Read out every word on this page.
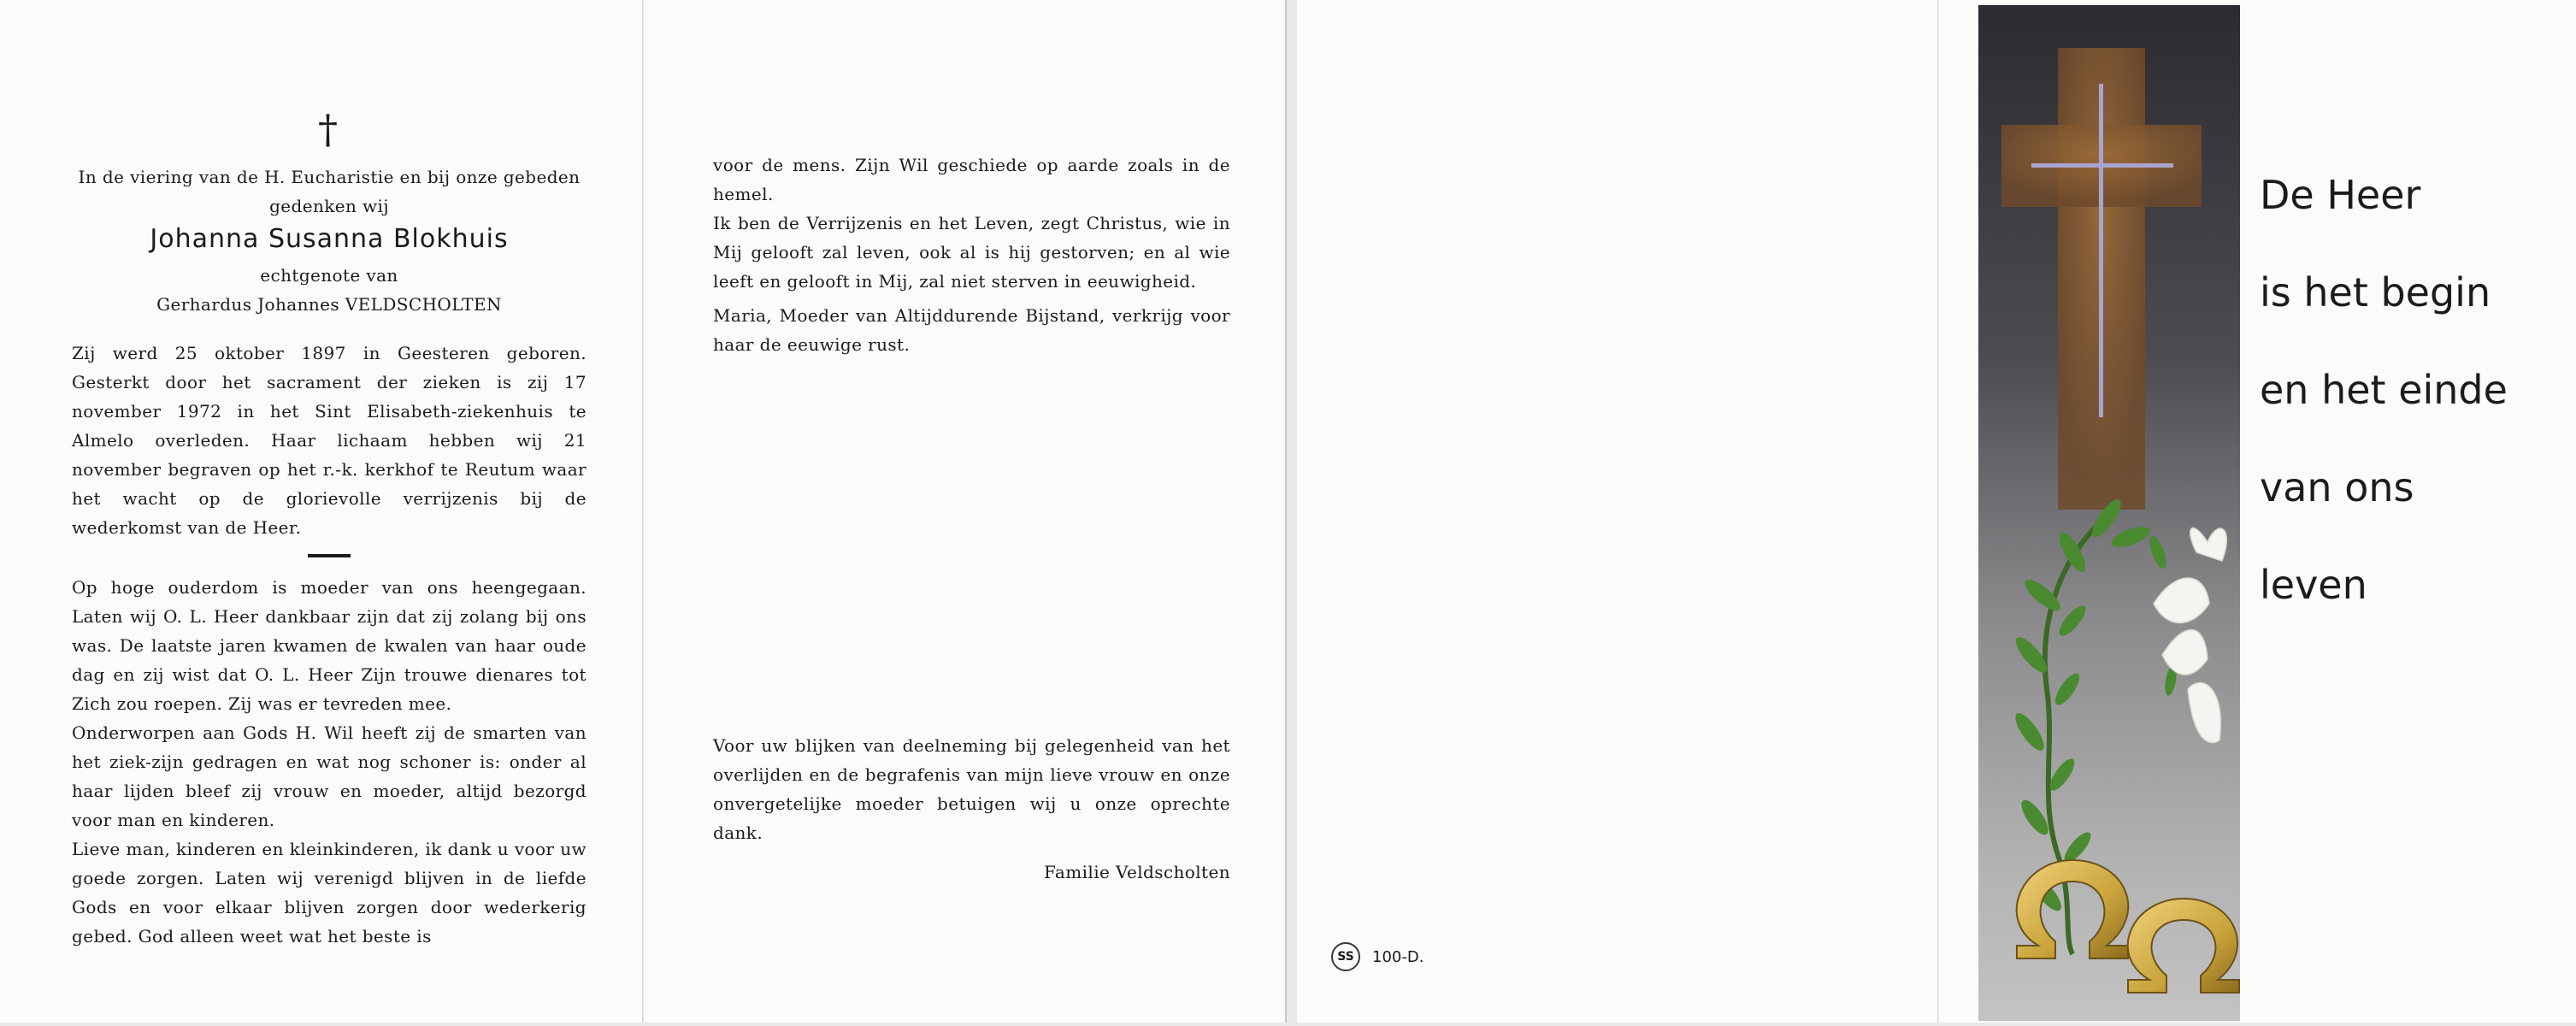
†
In de viering van de H. Eucharistie en bij onze gebeden gedenken wij
Johanna Susanna Blokhuis
echtgenote van
Gerhardus Johannes VELDSCHOLTEN
Zij werd 25 oktober 1897 in Geesteren geboren. Gesterkt door het sacrament der zieken is zij 17 november 1972 in het Sint Elisabeth-ziekenhuis te Almelo overleden. Haar lichaam hebben wij 21 november begraven op het r.-k. kerkhof te Reutum waar het wacht op de glorievolle verrijzenis bij de wederkomst van de Heer.
Op hoge ouderdom is moeder van ons heengegaan. Laten wij O. L. Heer dankbaar zijn dat zij zolang bij ons was. De laatste jaren kwamen de kwalen van haar oude dag en zij wist dat O. L. Heer Zijn trouwe dienares tot Zich zou roepen. Zij was er tevreden mee.
Onderworpen aan Gods H. Wil heeft zij de smarten van het ziek-zijn gedragen en wat nog schoner is: onder al haar lijden bleef zij vrouw en moeder, altijd bezorgd voor man en kinderen.
Lieve man, kinderen en kleinkinderen, ik dank u voor uw goede zorgen. Laten wij verenigd blijven in de liefde Gods en voor elkaar blijven zorgen door wederkerig gebed. God alleen weet wat het beste is
voor de mens. Zijn Wil geschiede op aarde zoals in de hemel.
Ik ben de Verrijzenis en het Leven, zegt Christus, wie in Mij gelooft zal leven, ook al is hij gestorven; en al wie leeft en gelooft in Mij, zal niet sterven in eeuwigheid.
Maria, Moeder van Altijddurende Bijstand, verkrijg voor haar de eeuwige rust.
Voor uw blijken van deelneming bij gelegenheid van het overlijden en de begrafenis van mijn lieve vrouw en onze onvergetelijke moeder betuigen wij u onze oprechte dank.
Familie Veldscholten
SS	100-D.
De Heer
is het begin
en het einde
van ons
leven
